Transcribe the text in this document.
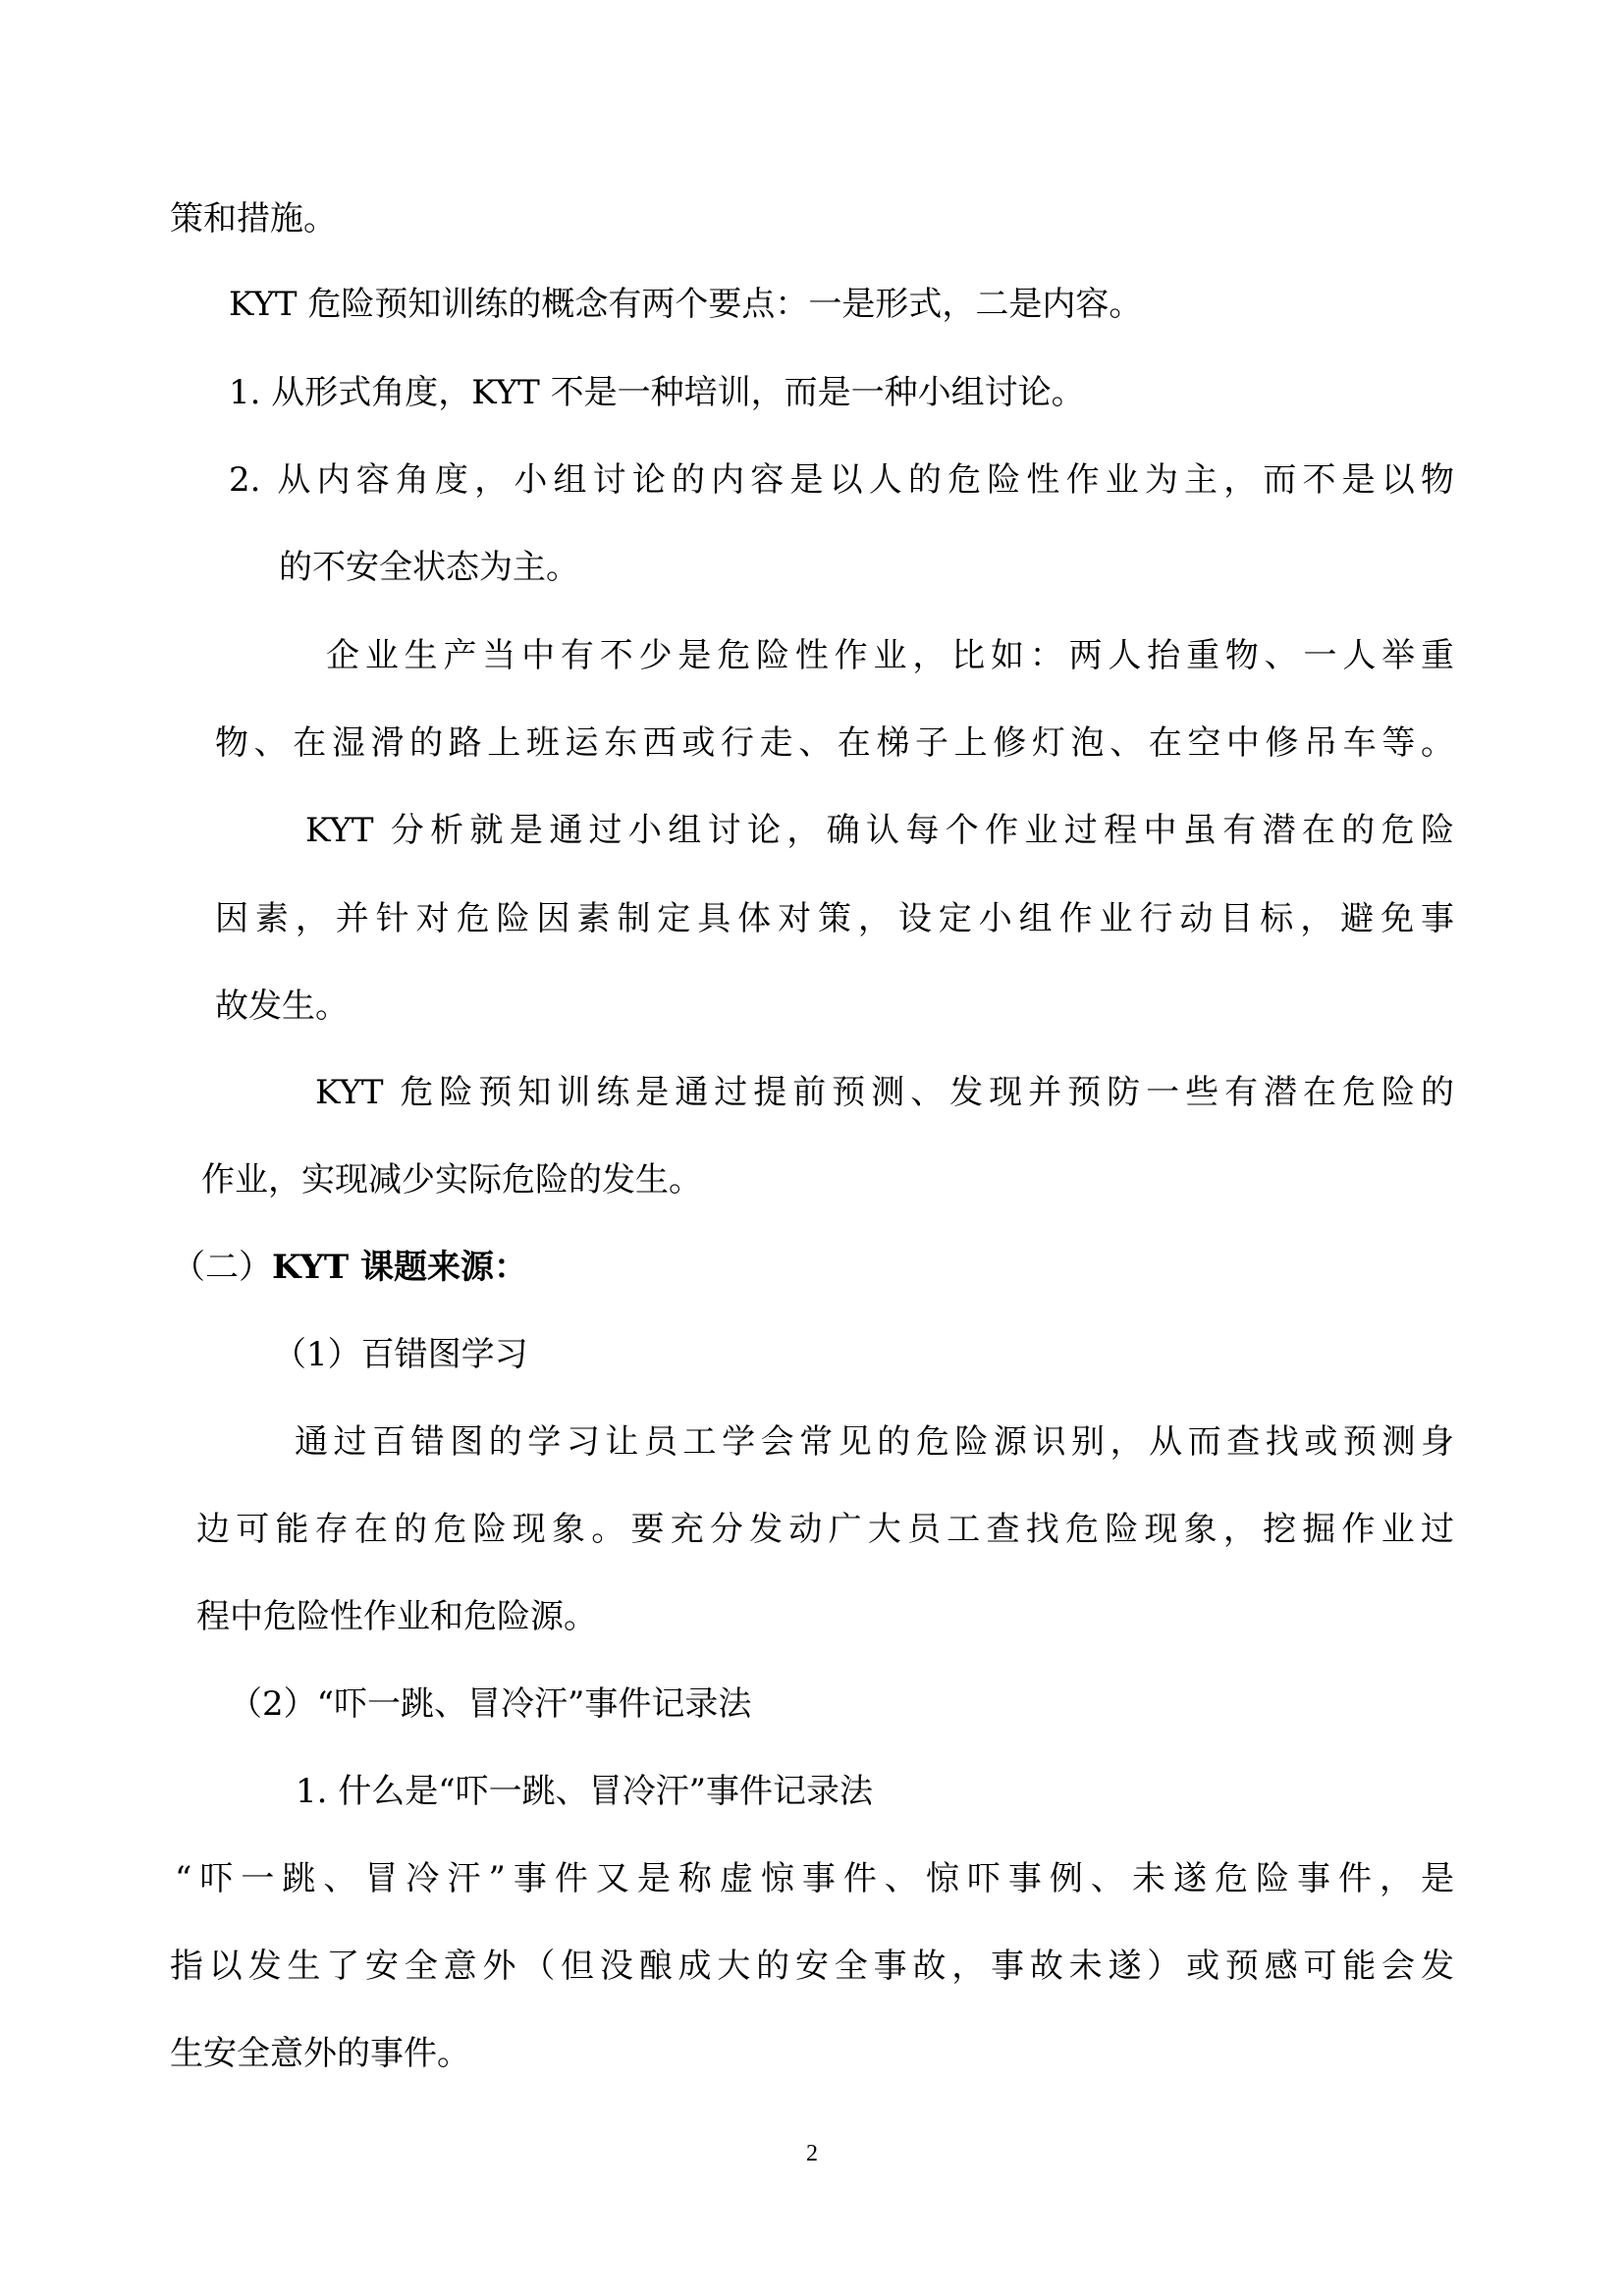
策和措施。
KYT 危险预知训练的概念有两个要点：一是形式，二是内容。
1. 从形式角度，KYT 不是一种培训，而是一种小组讨论。
2. 从内容角度，小组讨论的内容是以人的危险性作业为主，而不是以物
的不安全状态为主。
企业生产当中有不少是危险性作业，比如：两人抬重物、一人举重
物、在湿滑的路上班运东西或行走、在梯子上修灯泡、在空中修吊车等。
KYT 分析就是通过小组讨论，确认每个作业过程中虽有潜在的危险
因素，并针对危险因素制定具体对策，设定小组作业行动目标，避免事
故发生。
KYT 危险预知训练是通过提前预测、发现并预防一些有潜在危险的
作业，实现减少实际危险的发生。
（二）KYT 课题来源：
（1）百错图学习
通过百错图的学习让员工学会常见的危险源识别，从而查找或预测身
边可能存在的危险现象。要充分发动广大员工查找危险现象，挖掘作业过
程中危险性作业和危险源。
（2）“吓一跳、冒冷汗”事件记录法
1. 什么是“吓一跳、冒冷汗”事件记录法
“吓一跳、冒冷汗”事件又是称虚惊事件、惊吓事例、未遂危险事件，是
指以发生了安全意外（但没酿成大的安全事故，事故未遂）或预感可能会发
生安全意外的事件。
2
